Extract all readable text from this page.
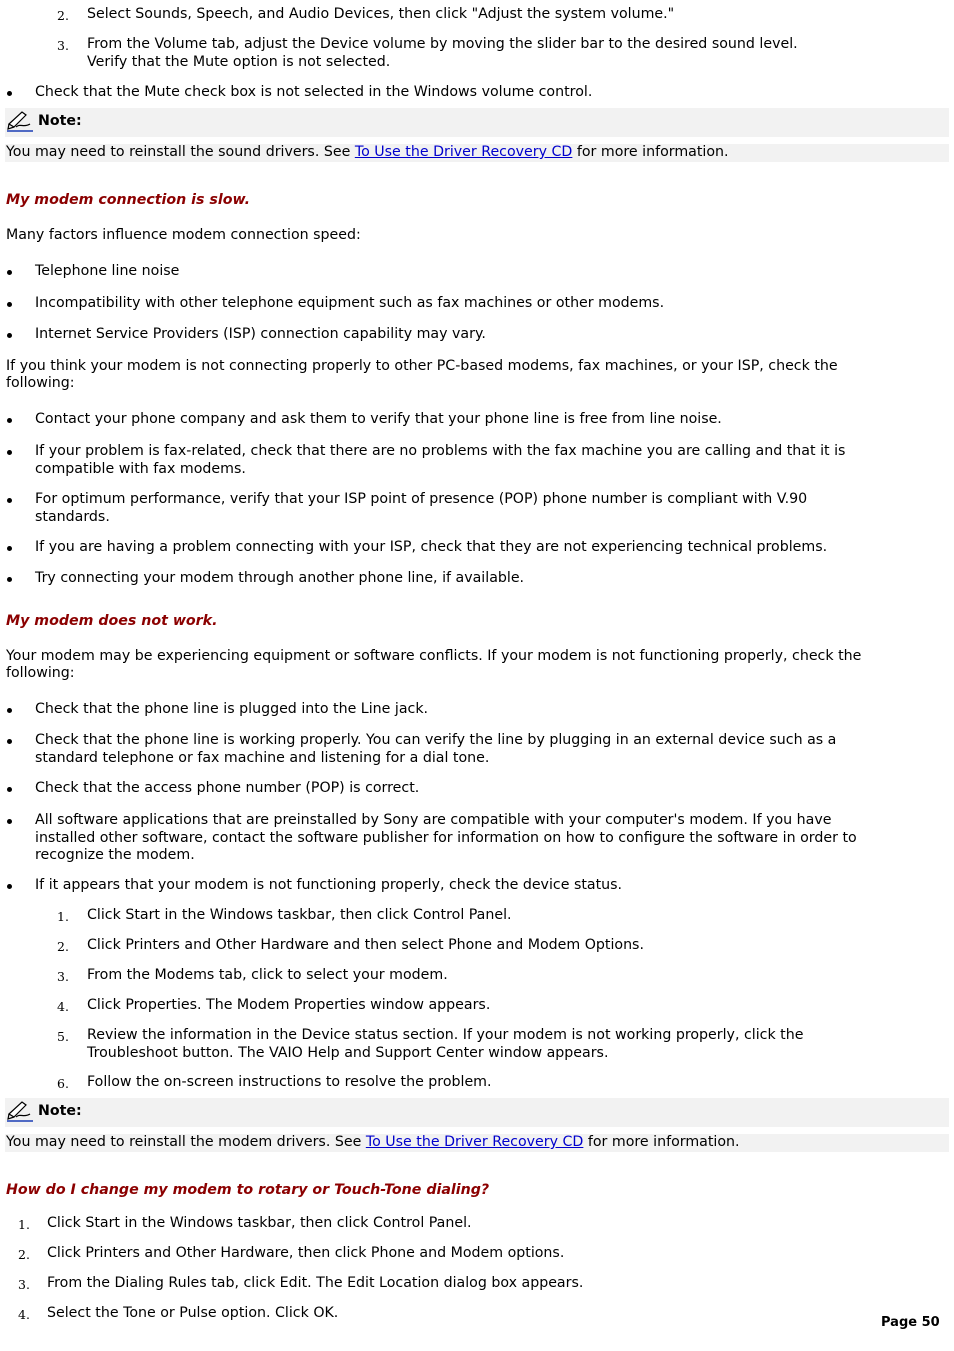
2. Select Sounds, Speech, and Audio Devices, then click "Adjust the system volume."
3. From the Volume tab, adjust the Device volume by moving the slider bar to the desired sound level.
Verify that the Mute option is not selected.
Check that the Mute check box is not selected in the Windows volume control.
Note:
You may need to reinstall the sound drivers. See To Use the Driver Recovery CD for more information.
My modem connection is slow.
Many factors influence modem connection speed:
Telephone line noise
Incompatibility with other telephone equipment such as fax machines or other modems.
Internet Service Providers (ISP) connection capability may vary.
If you think your modem is not connecting properly to other PC-based modems, fax machines, or your ISP, check the
following:
Contact your phone company and ask them to verify that your phone line is free from line noise.
If your problem is fax-related, check that there are no problems with the fax machine you are calling and that it is
compatible with fax modems.
For optimum performance, verify that your ISP point of presence (POP) phone number is compliant with V.90
standards.
If you are having a problem connecting with your ISP, check that they are not experiencing technical problems.
Try connecting your modem through another phone line, if available.
My modem does not work.
Your modem may be experiencing equipment or software conflicts. If your modem is not functioning properly, check the
following:
Check that the phone line is plugged into the Line jack.
Check that the phone line is working properly. You can verify the line by plugging in an external device such as a
standard telephone or fax machine and listening for a dial tone.
Check that the access phone number (POP) is correct.
All software applications that are preinstalled by Sony are compatible with your computer's modem. If you have
installed other software, contact the software publisher for information on how to configure the software in order to
recognize the modem.
If it appears that your modem is not functioning properly, check the device status.
1. Click Start in the Windows taskbar, then click Control Panel.
2. Click Printers and Other Hardware and then select Phone and Modem Options.
3. From the Modems tab, click to select your modem.
4. Click Properties. The Modem Properties window appears.
5. Review the information in the Device status section. If your modem is not working properly, click the
Troubleshoot button. The VAIO Help and Support Center window appears.
6. Follow the on-screen instructions to resolve the problem.
Note:
You may need to reinstall the modem drivers. See To Use the Driver Recovery CD for more information.
How do I change my modem to rotary or Touch-Tone dialing?
1. Click Start in the Windows taskbar, then click Control Panel.
2. Click Printers and Other Hardware, then click Phone and Modem options.
3. From the Dialing Rules tab, click Edit. The Edit Location dialog box appears.
4. Select the Tone or Pulse option. Click OK.
Page 50
